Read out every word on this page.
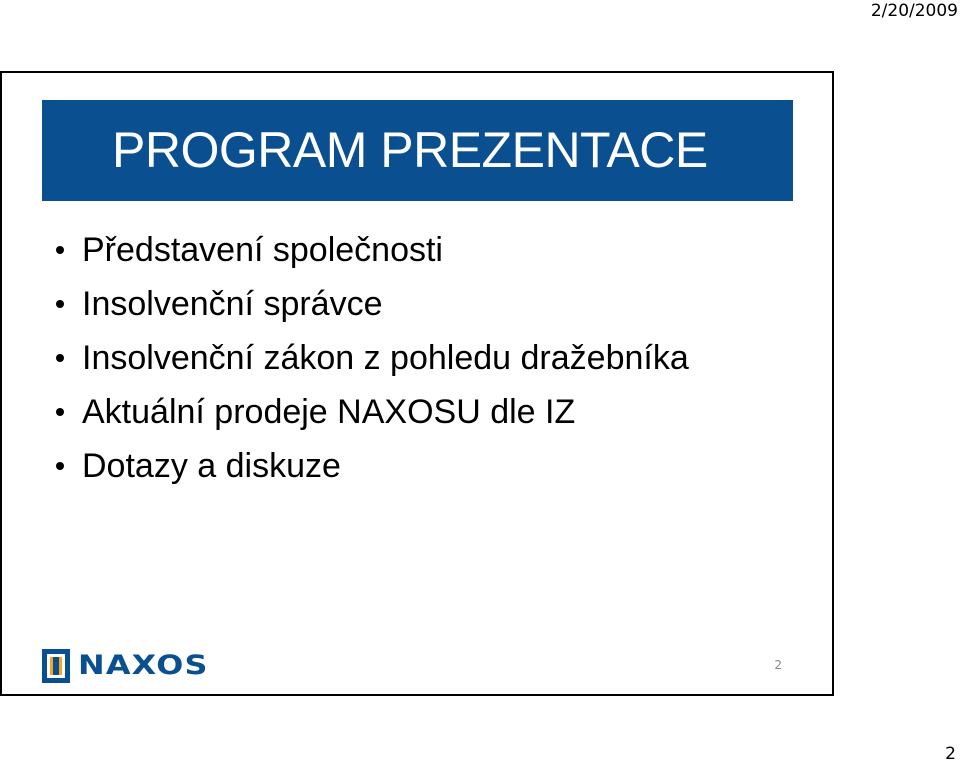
2/20/2009
PROGRAM PREZENTACE
Představení společnosti
Insolvenční správce
Insolvenční zákon z pohledu dražebníka
Aktuální prodeje NAXOSU dle IZ
Dotazy a diskuze
NAXOS	2
2
